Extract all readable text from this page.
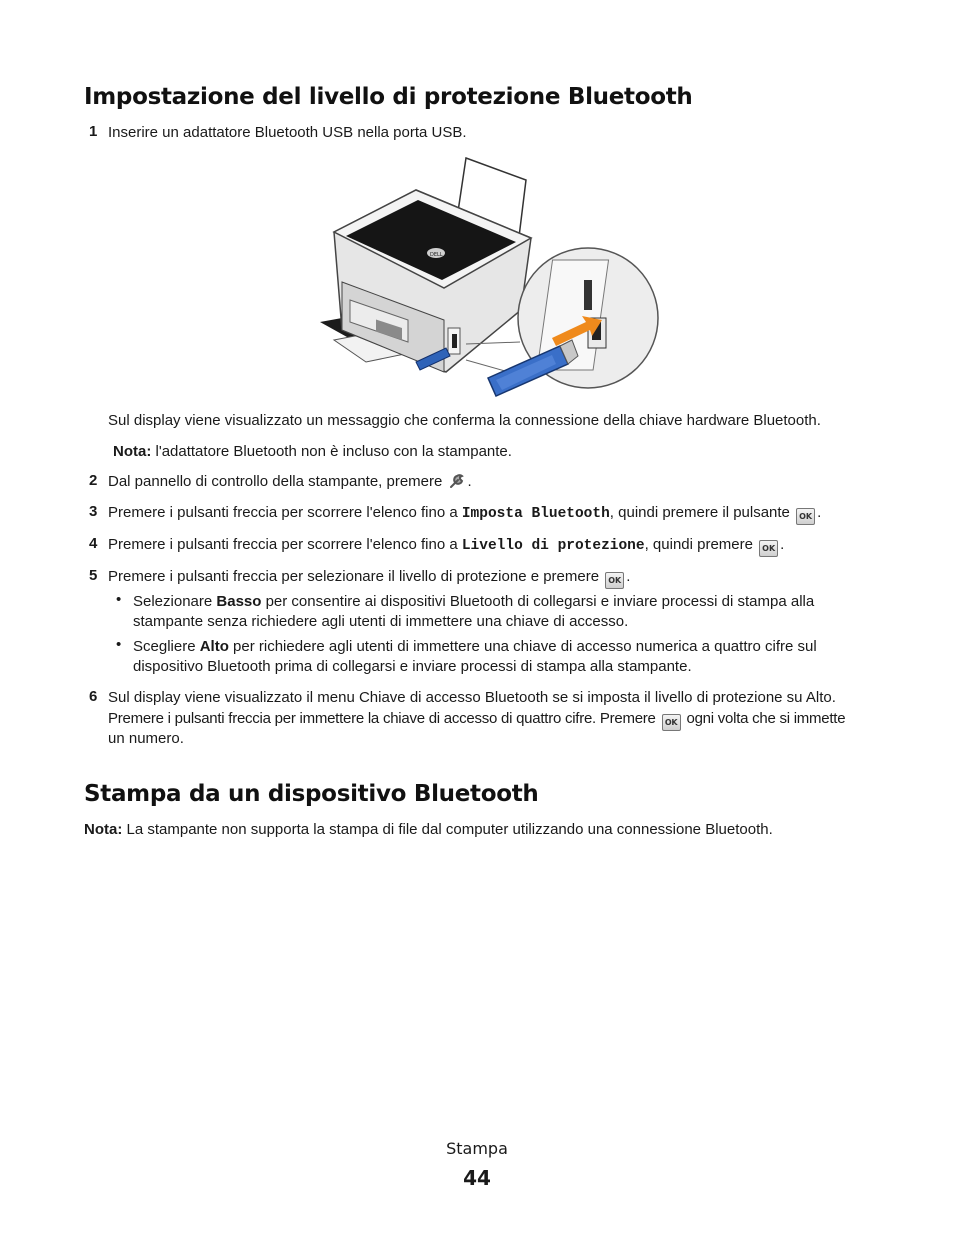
Impostazione del livello di protezione Bluetooth
1 Inserire un adattatore Bluetooth USB nella porta USB.
DELL
Sul display viene visualizzato un messaggio che conferma la connessione della chiave hardware Bluetooth.
Nota: l'adattatore Bluetooth non è incluso con la stampante.
2 Dal pannello di controllo della stampante, premere .
3 Premere i pulsanti freccia per scorrere l'elenco fino a Imposta Bluetooth, quindi premere il pulsante OK .
4 Premere i pulsanti freccia per scorrere l'elenco fino a Livello di protezione, quindi premere OK .
5 Premere i pulsanti freccia per selezionare il livello di protezione e premere OK .
• Selezionare Basso per consentire ai dispositivi Bluetooth di collegarsi e inviare processi di stampa alla
stampante senza richiedere agli utenti di immettere una chiave di accesso.
• Scegliere Alto per richiedere agli utenti di immettere una chiave di accesso numerica a quattro cifre sul
dispositivo Bluetooth prima di collegarsi e inviare processi di stampa alla stampante.
6 Sul display viene visualizzato il menu Chiave di accesso Bluetooth se si imposta il livello di protezione su Alto.
Premere i pulsanti freccia per immettere la chiave di accesso di quattro cifre. Premere OK ogni volta che si immette
un numero.
Stampa da un dispositivo Bluetooth
Nota: La stampante non supporta la stampa di file dal computer utilizzando una connessione Bluetooth.
Stampa
44
